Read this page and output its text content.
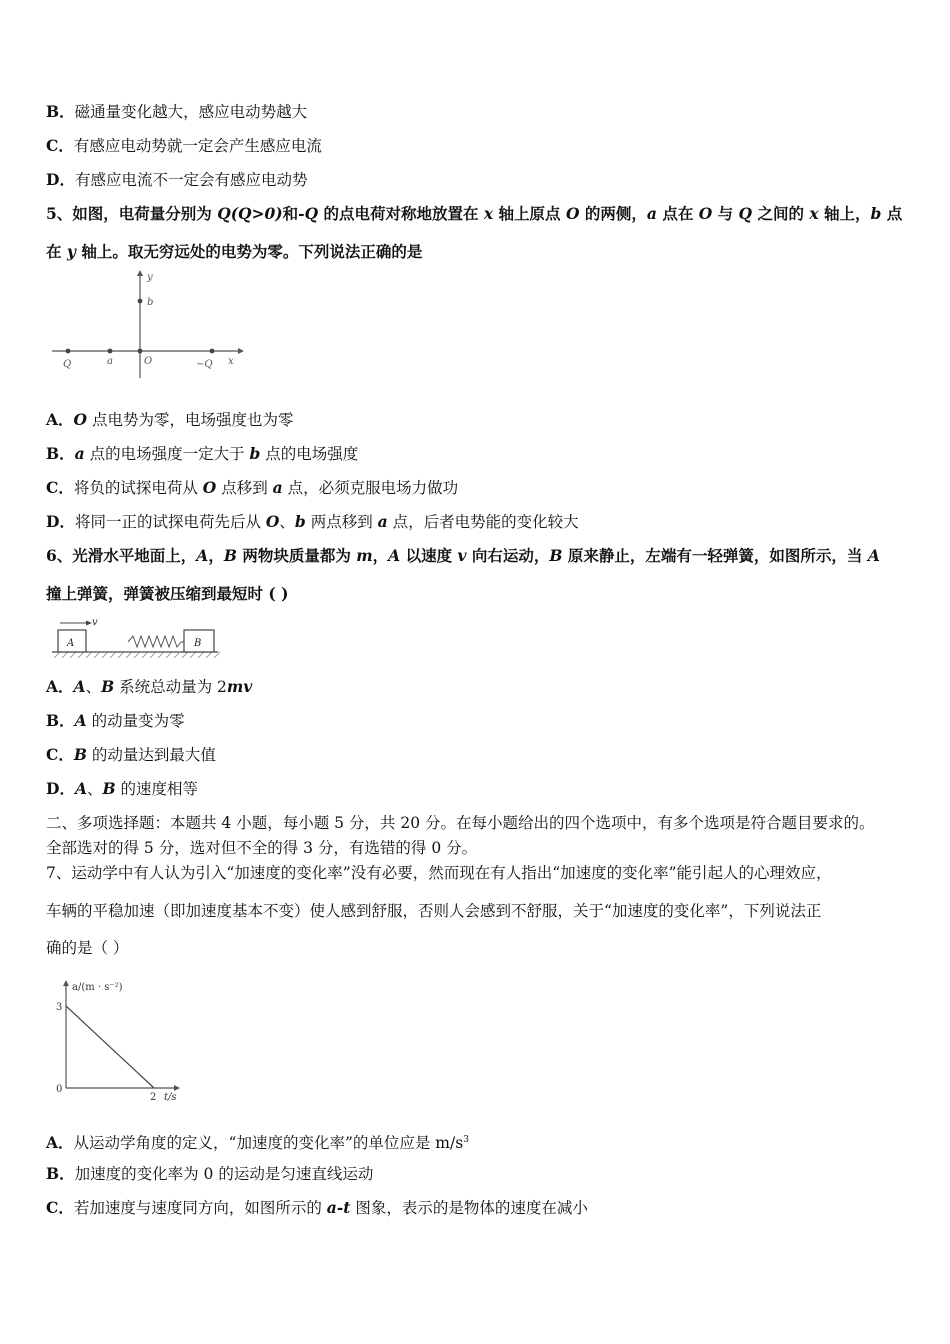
B．磁通量变化越大，感应电动势越大
C．有感应电动势就一定会产生感应电流
D．有感应电流不一定会有感应电动势
5、如图，电荷量分别为 Q(Q>0)和-Q 的点电荷对称地放置在 x 轴上原点 O 的两侧，a 点在 O 与 Q 之间的 x 轴上，b 点
在 y 轴上。取无穷远处的电势为零。下列说法正确的是
y
b
Q	a	O	−Q x
A．O 点电势为零，电场强度也为零
B．a 点的电场强度一定大于 b 点的电场强度
C．将负的试探电荷从 O 点移到 a 点，必须克服电场力做功
D．将同一正的试探电荷先后从 O、b 两点移到 a 点，后者电势能的变化较大
6、光滑水平地面上，A，B 两物块质量都为 m，A 以速度 v 向右运动，B 原来静止，左端有一轻弹簧，如图所示，当 A
撞上弹簧，弹簧被压缩到最短时 ( )
A
v
B
A．A、B 系统总动量为 2mv
B．A 的动量变为零
C．B 的动量达到最大值
D．A、B 的速度相等
二、多项选择题：本题共 4 小题，每小题 5 分，共 20 分。在每小题给出的四个选项中，有多个选项是符合题目要求的。
全部选对的得 5 分，选对但不全的得 3 分，有选错的得 0 分。
7、运动学中有人认为引入“加速度的变化率”没有必要，然而现在有人指出“加速度的变化率”能引起人的心理效应，
车辆的平稳加速（即加速度基本不变）使人感到舒服，否则人会感到不舒服，关于“加速度的变化率”，下列说法正
确的是（ ）
a/(m · s⁻²)
3
0
2 t/s
A．从运动学角度的定义，“加速度的变化率”的单位应是 $m/s^3$
B．加速度的变化率为 0 的运动是匀速直线运动
C．若加速度与速度同方向，如图所示的 a-t 图象，表示的是物体的速度在减小
